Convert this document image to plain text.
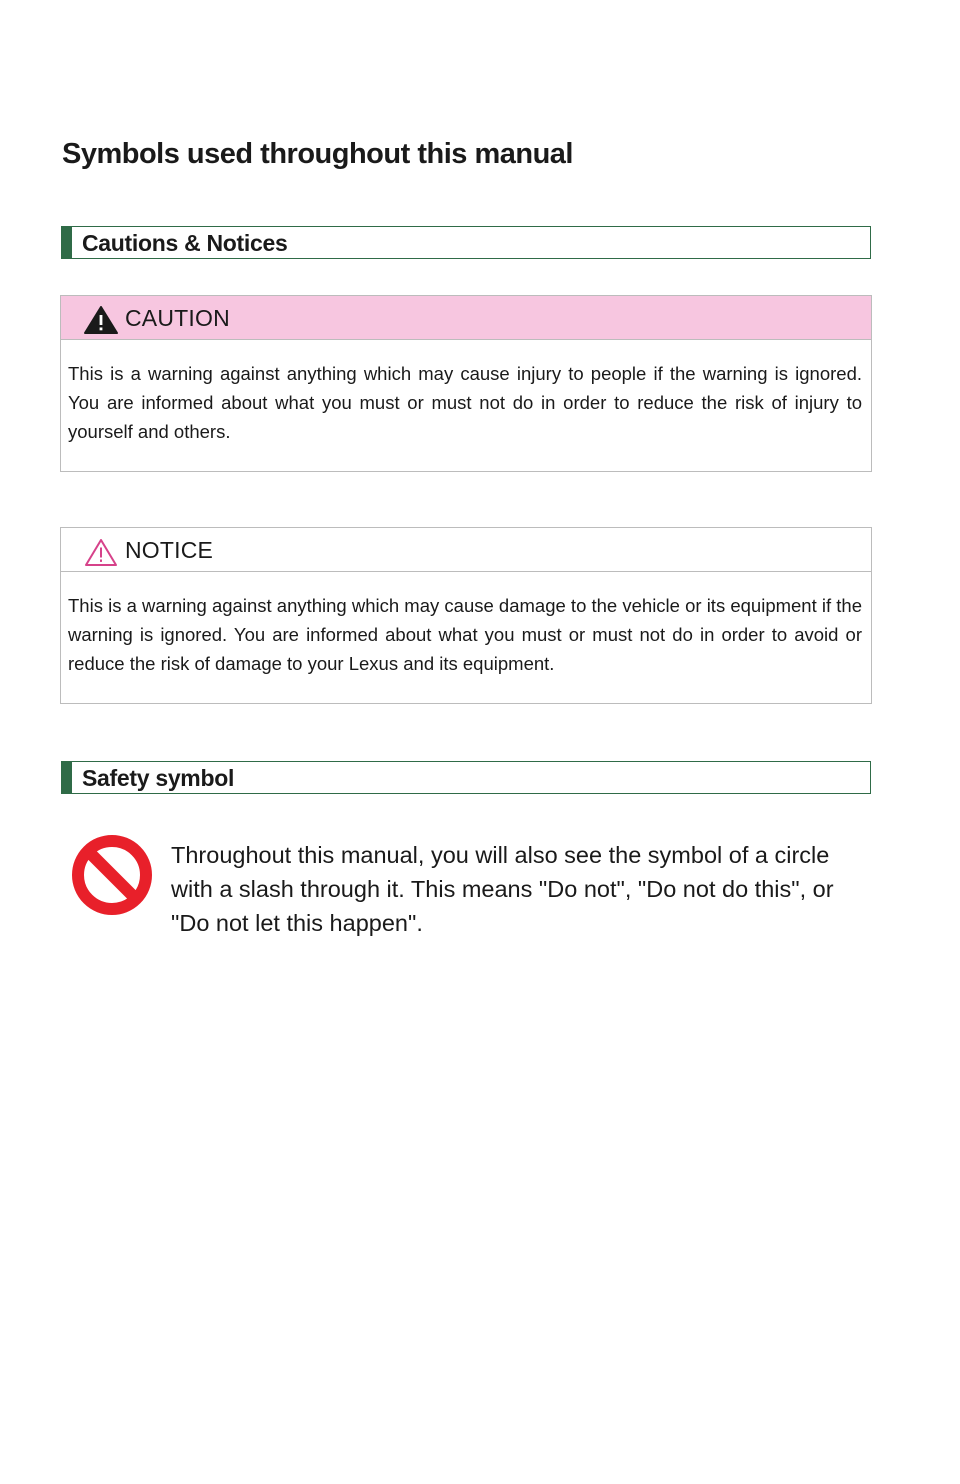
Symbols used throughout this manual
Cautions & Notices
CAUTION
This is a warning against anything which may cause injury to people if the warning is ignored. You are informed about what you must or must not do in order to reduce the risk of injury to yourself and others.
NOTICE
This is a warning against anything which may cause damage to the vehicle or its equipment if the warning is ignored. You are informed about what you must or must not do in order to avoid or reduce the risk of damage to your Lexus and its equipment.
Safety symbol

Throughout this manual, you will also see the symbol of a circle with a slash through it. This means "Do not", "Do not do this", or "Do not let this happen".
